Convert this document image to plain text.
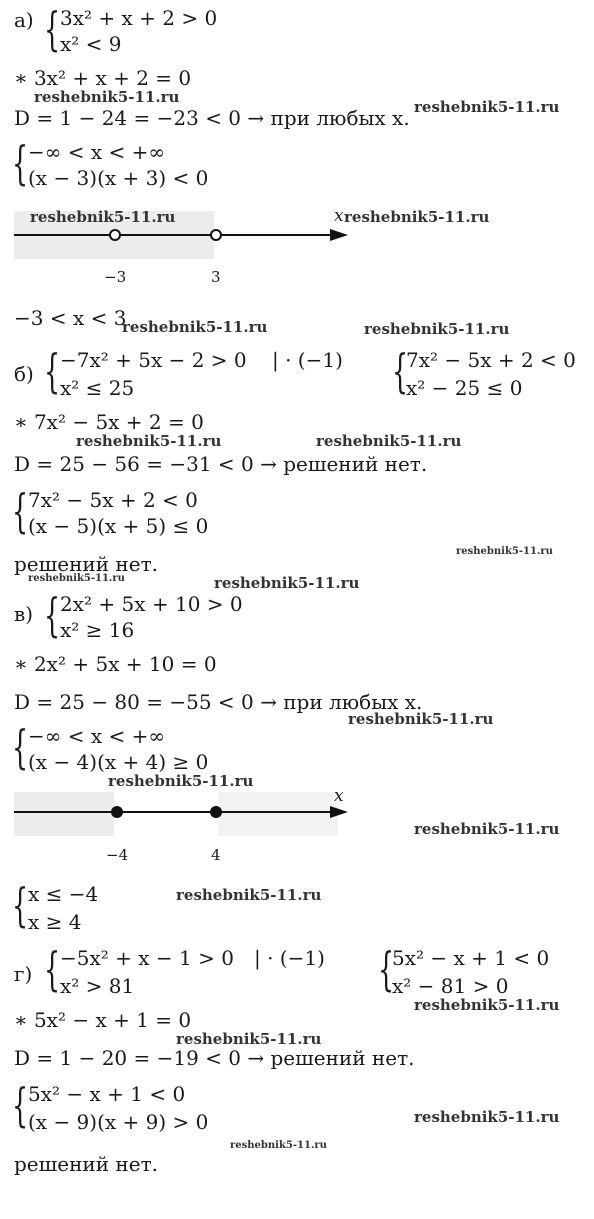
а) { 3x² + x + 2 > 0
x² < 9
∗ 3x² + x + 2 = 0
reshebnik5-11.ru
D = 1 − 24 = −23 < 0 → при любых x. reshebnik5-11.ru
{ −∞ < x < +∞
(x − 3)(x + 3) < 0
reshebnik5-11.ru	x reshebnik5-11.ru
−3	3
−3 < x < 3
reshebnik5-11.ru	reshebnik5-11.ru
б) { −7x² + 5x − 2 > 0
x² ≤ 25
| · (−1) {
7x² − 5x + 2 < 0
x² − 25 ≤ 0
∗ 7x² − 5x + 2 = 0
reshebnik5-11.ru	reshebnik5-11.ru
D = 25 − 56 = −31 < 0 → решений нет.
{ 7x² − 5x + 2 < 0
(x − 5)(x + 5) ≤ 0
решений нет.
reshebnik5-11.ru
reshebnik5-11.ru	reshebnik5-11.ru
в) { 2x² + 5x + 10 > 0
x² ≥ 16
∗ 2x² + 5x + 10 = 0
D = 25 − 80 = −55 < 0 → при любых x.
reshebnik5-11.ru
{ −∞ < x < +∞
(x − 4)(x + 4) ≥ 0
reshebnik5-11.ru
x
−4	4
reshebnik5-11.ru
{ x ≤ −4
x ≥ 4
reshebnik5-11.ru
г) { −5x² + x − 1 > 0
x² > 81
| · (−1) {
5x² − x + 1 < 0
x² − 81 > 0
reshebnik5-11.ru
∗ 5x² − x + 1 = 0
reshebnik5-11.ru
D = 1 − 20 = −19 < 0 → решений нет.
{ 5x² − x + 1 < 0
(x − 9)(x + 9) > 0	reshebnik5-11.ru
reshebnik5-11.ru
решений нет.
